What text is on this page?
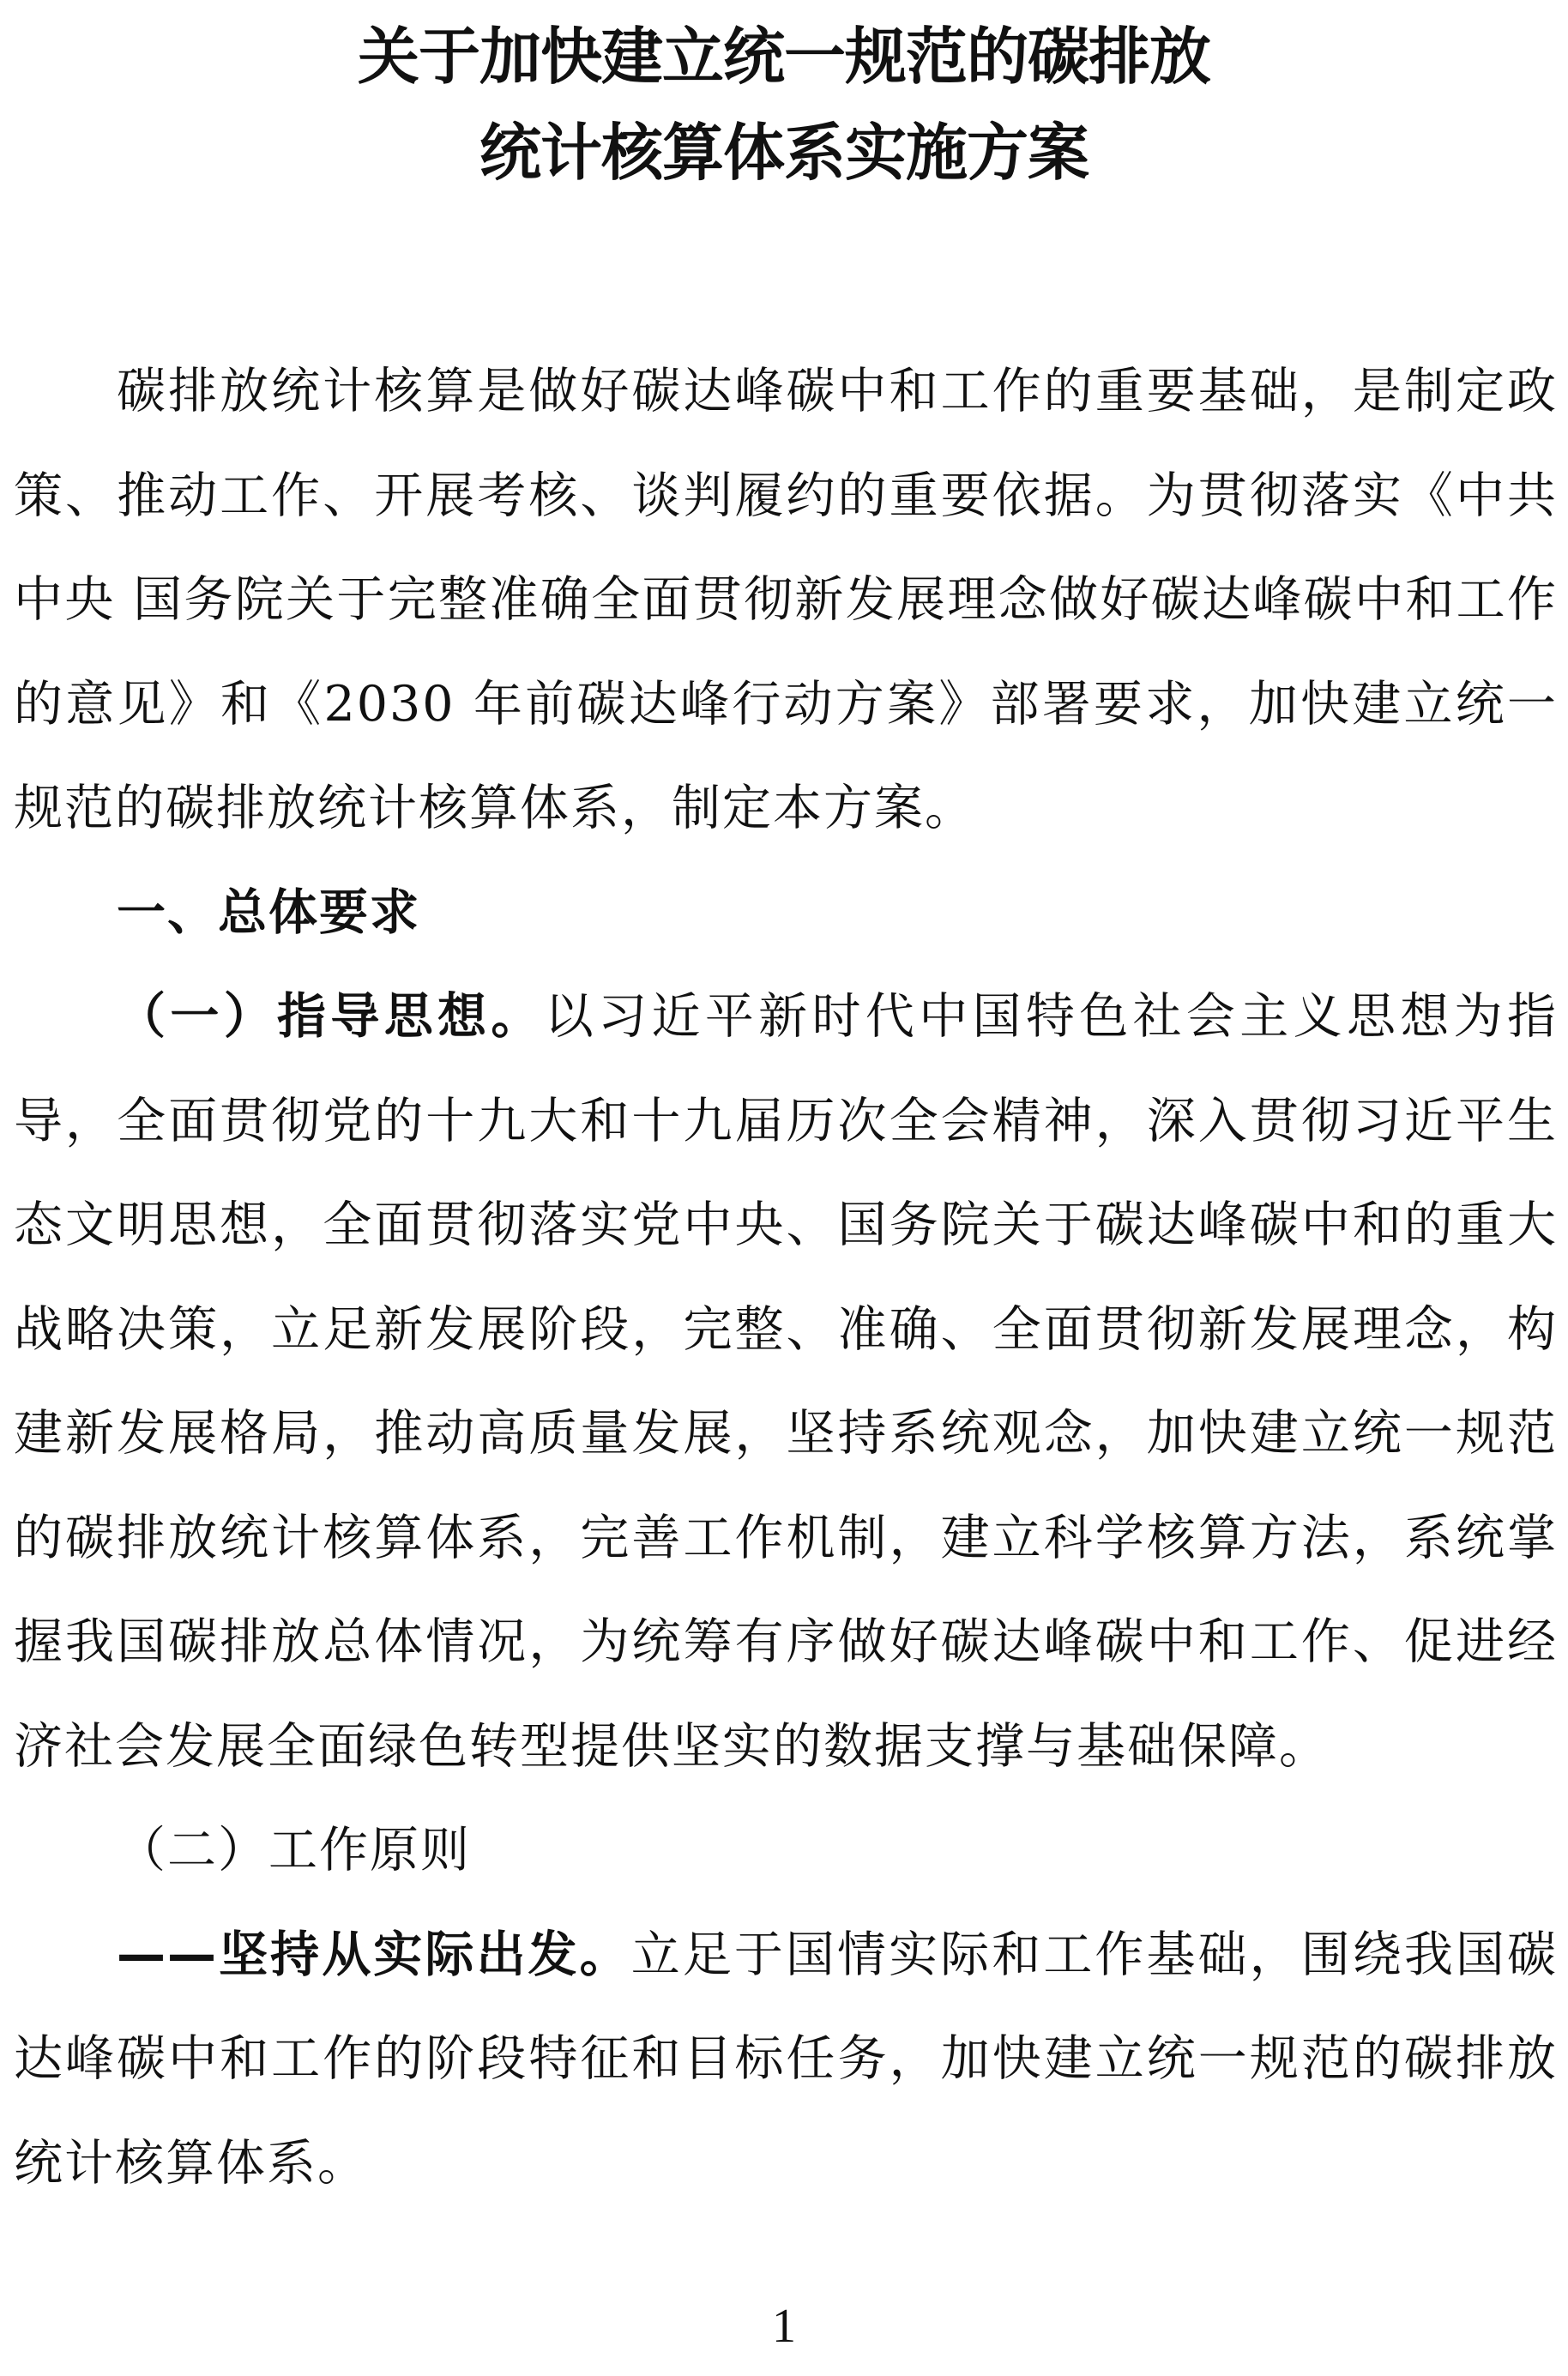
关于加快建立统一规范的碳排放
统计核算体系实施方案

碳排放统计核算是做好碳达峰碳中和工作的重要基础，是制定政策、推动工作、开展考核、谈判履约的重要依据。为贯彻落实《中共中央 国务院关于完整准确全面贯彻新发展理念做好碳达峰碳中和工作的意见》和《2030 年前碳达峰行动方案》部署要求，加快建立统一规范的碳排放统计核算体系，制定本方案。

一、总体要求

（一）指导思想。以习近平新时代中国特色社会主义思想为指导，全面贯彻党的十九大和十九届历次全会精神，深入贯彻习近平生态文明思想，全面贯彻落实党中央、国务院关于碳达峰碳中和的重大战略决策，立足新发展阶段，完整、准确、全面贯彻新发展理念，构建新发展格局，推动高质量发展，坚持系统观念，加快建立统一规范的碳排放统计核算体系，完善工作机制，建立科学核算方法，系统掌握我国碳排放总体情况，为统筹有序做好碳达峰碳中和工作、促进经济社会发展全面绿色转型提供坚实的数据支撑与基础保障。

（二）工作原则

——坚持从实际出发。立足于国情实际和工作基础，围绕我国碳达峰碳中和工作的阶段特征和目标任务，加快建立统一规范的碳排放统计核算体系。

1
